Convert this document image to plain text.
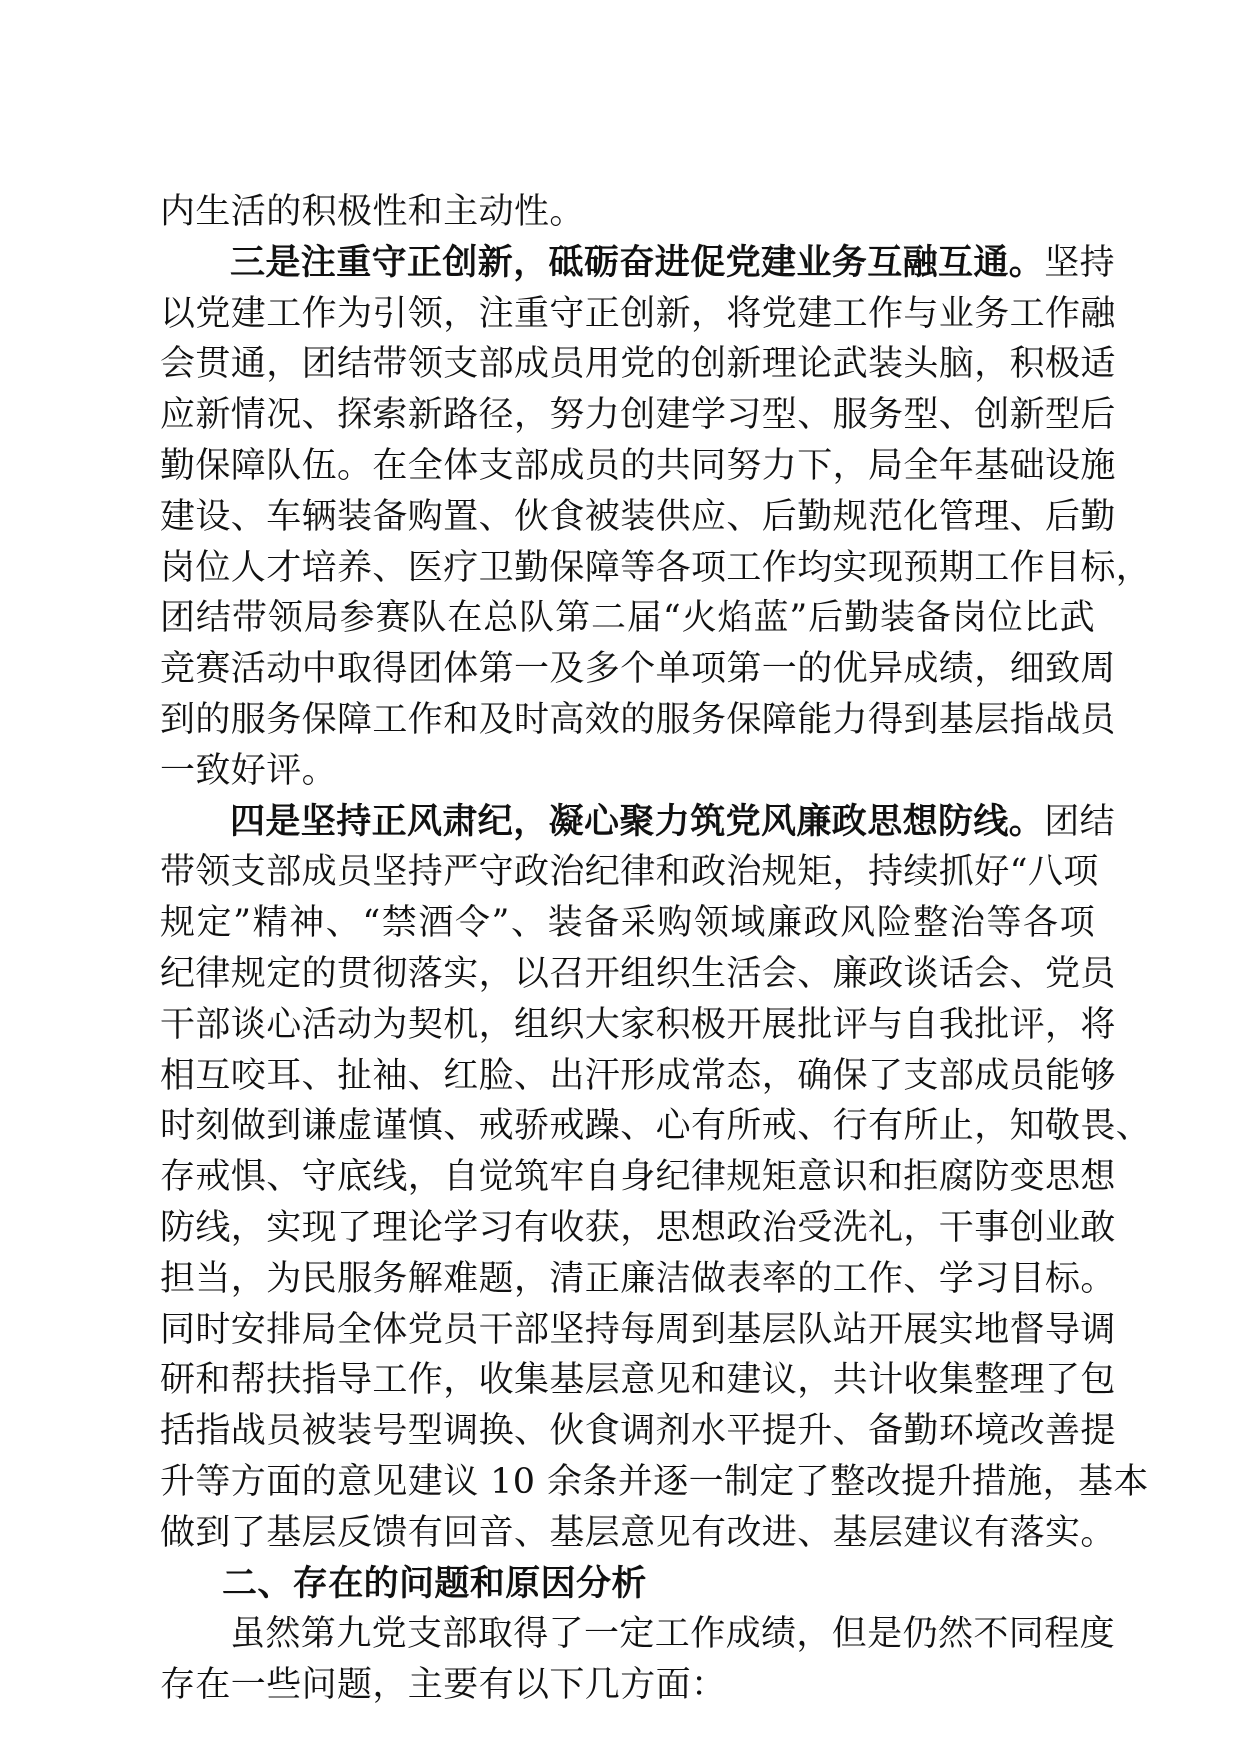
内生活的积极性和主动性。

三是注重守正创新，砥砺奋进促党建业务互融互通。坚持

以党建工作为引领，注重守正创新，将党建工作与业务工作融

会贯通，团结带领支部成员用党的创新理论武装头脑，积极适

应新情况、探索新路径，努力创建学习型、服务型、创新型后

勤保障队伍。在全体支部成员的共同努力下，局全年基础设施

建设、车辆装备购置、伙食被装供应、后勤规范化管理、后勤

岗位人才培养、医疗卫勤保障等各项工作均实现预期工作目标，

团结带领局参赛队在总队第二届“火焰蓝”后勤装备岗位比武

竞赛活动中取得团体第一及多个单项第一的优异成绩，细致周

到的服务保障工作和及时高效的服务保障能力得到基层指战员

一致好评。

四是坚持正风肃纪，凝心聚力筑党风廉政思想防线。团结

带领支部成员坚持严守政治纪律和政治规矩，持续抓好“八项

规定”精神、“禁酒令”、装备采购领域廉政风险整治等各项

纪律规定的贯彻落实，以召开组织生活会、廉政谈话会、党员

干部谈心活动为契机，组织大家积极开展批评与自我批评，将

相互咬耳、扯袖、红脸、出汗形成常态，确保了支部成员能够

时刻做到谦虚谨慎、戒骄戒躁、心有所戒、行有所止，知敬畏、

存戒惧、守底线，自觉筑牢自身纪律规矩意识和拒腐防变思想

防线，实现了理论学习有收获，思想政治受洗礼，干事创业敢

担当，为民服务解难题，清正廉洁做表率的工作、学习目标。

同时安排局全体党员干部坚持每周到基层队站开展实地督导调

研和帮扶指导工作，收集基层意见和建议，共计收集整理了包

括指战员被装号型调换、伙食调剂水平提升、备勤环境改善提

升等方面的意见建议 10 余条并逐一制定了整改提升措施，基本

做到了基层反馈有回音、基层意见有改进、基层建议有落实。

二、存在的问题和原因分析

虽然第九党支部取得了一定工作成绩，但是仍然不同程度

存在一些问题，主要有以下几方面：
